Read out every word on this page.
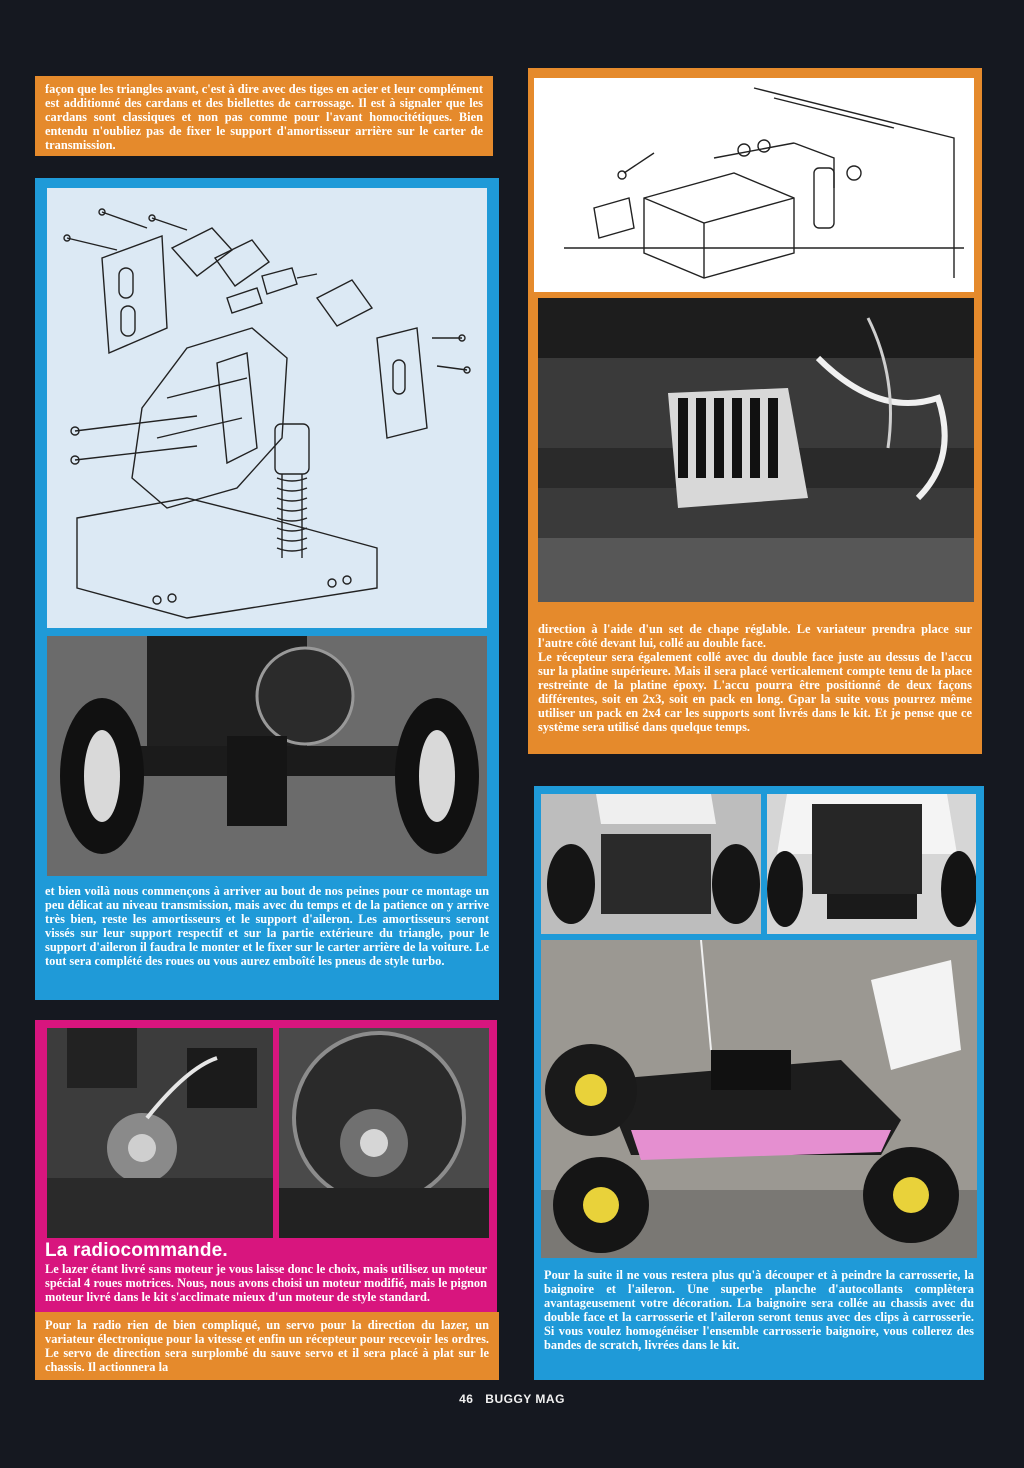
façon que les triangles avant, c'est à dire avec des tiges en acier et leur complément est additionné des cardans et des biellettes de carrossage. Il est à signaler que les cardans sont classiques et non pas comme pour l'avant homocitétiques. Bien entendu n'oubliez pas de fixer le support d'amortisseur arrière sur le carter de transmission.
et bien voilà nous commençons à arriver au bout de nos peines pour ce montage un peu délicat au niveau transmission, mais avec du temps et de la patience on y arrive très bien, reste les amortisseurs et le support d'aileron. Les amortisseurs seront vissés sur leur support respectif et sur la partie extérieure du triangle, pour le support d'aileron il faudra le monter et le fixer sur le carter arrière de la voiture. Le tout sera complété des roues ou vous aurez emboîté les pneus de style turbo.
La radiocommande.
Le lazer étant livré sans moteur je vous laisse donc le choix, mais utilisez un moteur spécial 4 roues motrices. Nous, nous avons choisi un moteur modifié, mais le pignon moteur livré dans le kit s'acclimate mieux d'un moteur de style standard.
Pour la radio rien de bien compliqué, un servo pour la direction du lazer, un variateur électronique pour la vitesse et enfin un récepteur pour recevoir les ordres. Le servo de direction sera surplombé du sauve servo et il sera placé à plat sur le chassis. Il actionnera la
direction à l'aide d'un set de chape réglable. Le variateur prendra place sur l'autre côté devant lui, collé au double face.
Le récepteur sera également collé avec du double face juste au dessus de l'accu sur la platine supérieure. Mais il sera placé verticalement compte tenu de la place restreinte de la platine époxy. L'accu pourra être positionné de deux façons différentes, soit en 2x3, soit en pack en long. Gpar la suite vous pourrez même utiliser un pack en 2x4 car les supports sont livrés dans le kit. Et je pense que ce système sera utilisé dans quelque temps.
Pour la suite il ne vous restera plus qu'à découper et à peindre la carrosserie, la baignoire et l'aileron. Une superbe planche d'autocollants complètera avantageusement votre décoration. La baignoire sera collée au chassis avec du double face et la carrosserie et l'aileron seront tenus avec des clips à carrosserie. Si vous voulez homogénéiser l'ensemble carrosserie baignoire, vous collerez des bandes de scratch, livrées dans le kit.
46 BUGGY MAG
